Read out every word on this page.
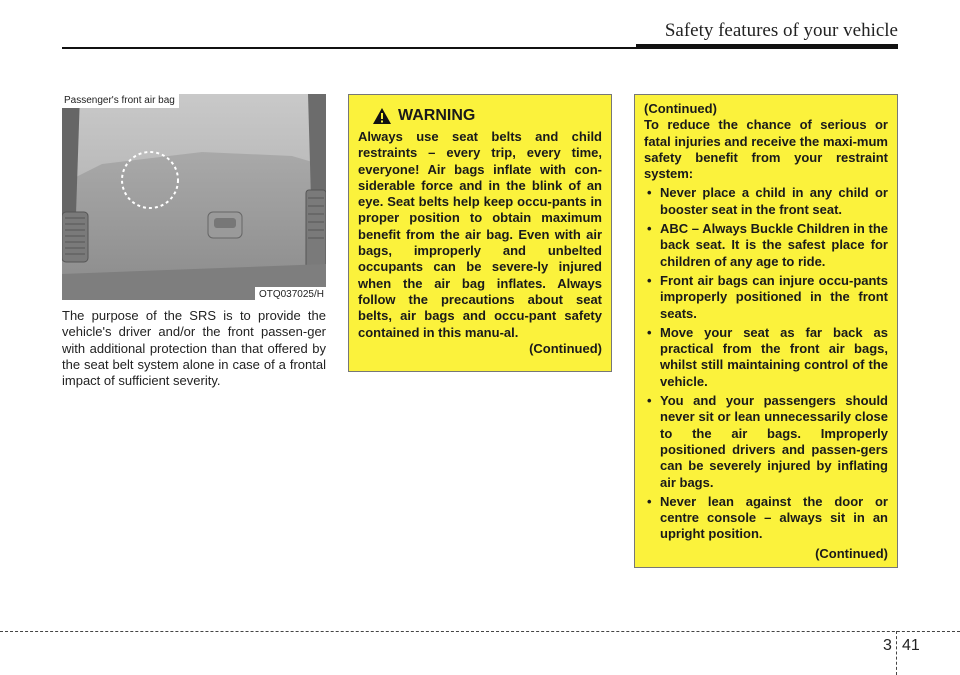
Safety features of your vehicle
Passenger's front air bag
OTQ037025/H
The purpose of the SRS is to provide the vehicle's driver and/or the front passen-ger with additional protection than that offered by the seat belt system alone in case of a frontal impact of sufficient severity.
WARNING
Always use seat belts and child restraints – every trip, every time, everyone! Air bags inflate with con-siderable force and in the blink of an eye. Seat belts help keep occu-pants in proper position to obtain maximum benefit from the air bag. Even with air bags, improperly and unbelted occupants can be severe-ly injured when the air bag inflates. Always follow the precautions about seat belts, air bags and occu-pant safety contained in this manu-al.
(Continued)
(Continued)
To reduce the chance of serious or fatal injuries and receive the maxi-mum safety benefit from your restraint system:
• Never place a child in any child or booster seat in the front seat.
• ABC – Always Buckle Children in the back seat. It is the safest place for children of any age to ride.
• Front air bags can injure occu-pants improperly positioned in the front seats.
• Move your seat as far back as practical from the front air bags, whilst still maintaining control of the vehicle.
• You and your passengers should never sit or lean unnecessarily close to the air bags. Improperly positioned drivers and passen-gers can be severely injured by inflating air bags.
• Never lean against the door or centre console – always sit in an upright position.
(Continued)
3 41
